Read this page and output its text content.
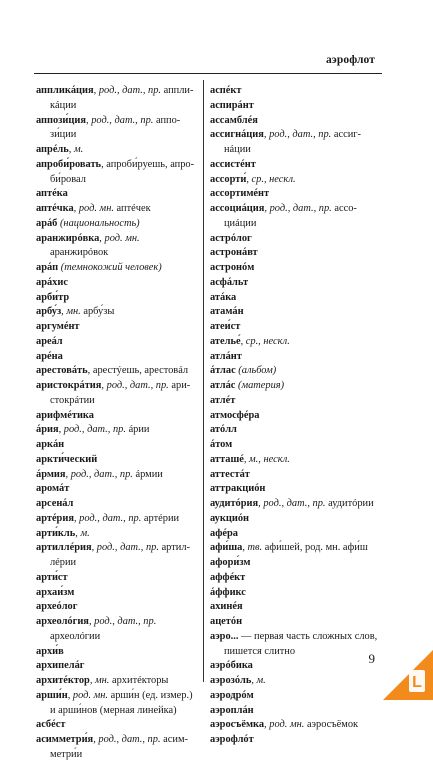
аэрофлот

аппликáция, род., дат., пр. аппликáции

аппози́ция, род., дат., пр. аппози́ции

апрéль, м.

апроби́ровать, апроби́руешь, апроби́ровал

аптéка

аптéчка, род. мн. аптéчек

арáб (национальность)

аранжирóвка, род. мн. аранжирóвок

арáп (темнокожий человек)

арáхис

арби́тр

арбу́з, мн. арбу́зы

аргумéнт

ареáл

арéна

арестовáть, арестýешь, арестовáл

аристокрáтия, род., дат., пр. аристокрáтии

арифмéтика

áрия, род., дат., пр. áрии

аркáн

аркти́ческий

áрмия, род., дат., пр. áрмии

аромáт

арсенáл

артéрия, род., дат., пр. артéрии

арти́кль, м.

артиллéрия, род., дат., пр. артиллéрии

арти́ст

архаи́зм

археóлог

археолóгия, род., дат., пр. археолóгии

архи́в

архипелáг

архитéктор, мн. архитéкторы

арши́н, род. мн. арши́н (ед. измер.) и арши́нов (мерная линейка)

асбéст

асимметри́я, род., дат., пр. асимметри́и

аспéкт

аспирáнт

ассамблéя

ассигнáция, род., дат., пр. ассигнáции

ассистéнт

ассорти́, ср., нескл.

ассортимéнт

ассоциáция, род., дат., пр. ассоциáции

астрóлог

астронáвт

астронóм

асфáльт

атáка

атамáн

атеи́ст

ателье́, ср., нескл.

атлáнт

áтлас (альбом)

атлáс (материя)

атлéт

атмосфéра

атóлл

áтом

атташé, м., нескл.

аттестáт

аттракциóн

аудитóрия, род., дат., пр. аудитóрии

аукциóн

афéра

афи́ша, тв. афи́шей, род. мн. афи́ш

афори́зм

аффéкт

áффикс

ахинéя

ацетóн

аэро... — первая часть сложных слов, пишется слитно

аэрóбика

аэрозóль, м.

аэродрóм

аэроплáн

аэросъёмка, род. мн. аэросъёмок

аэрофлóт

9
L
